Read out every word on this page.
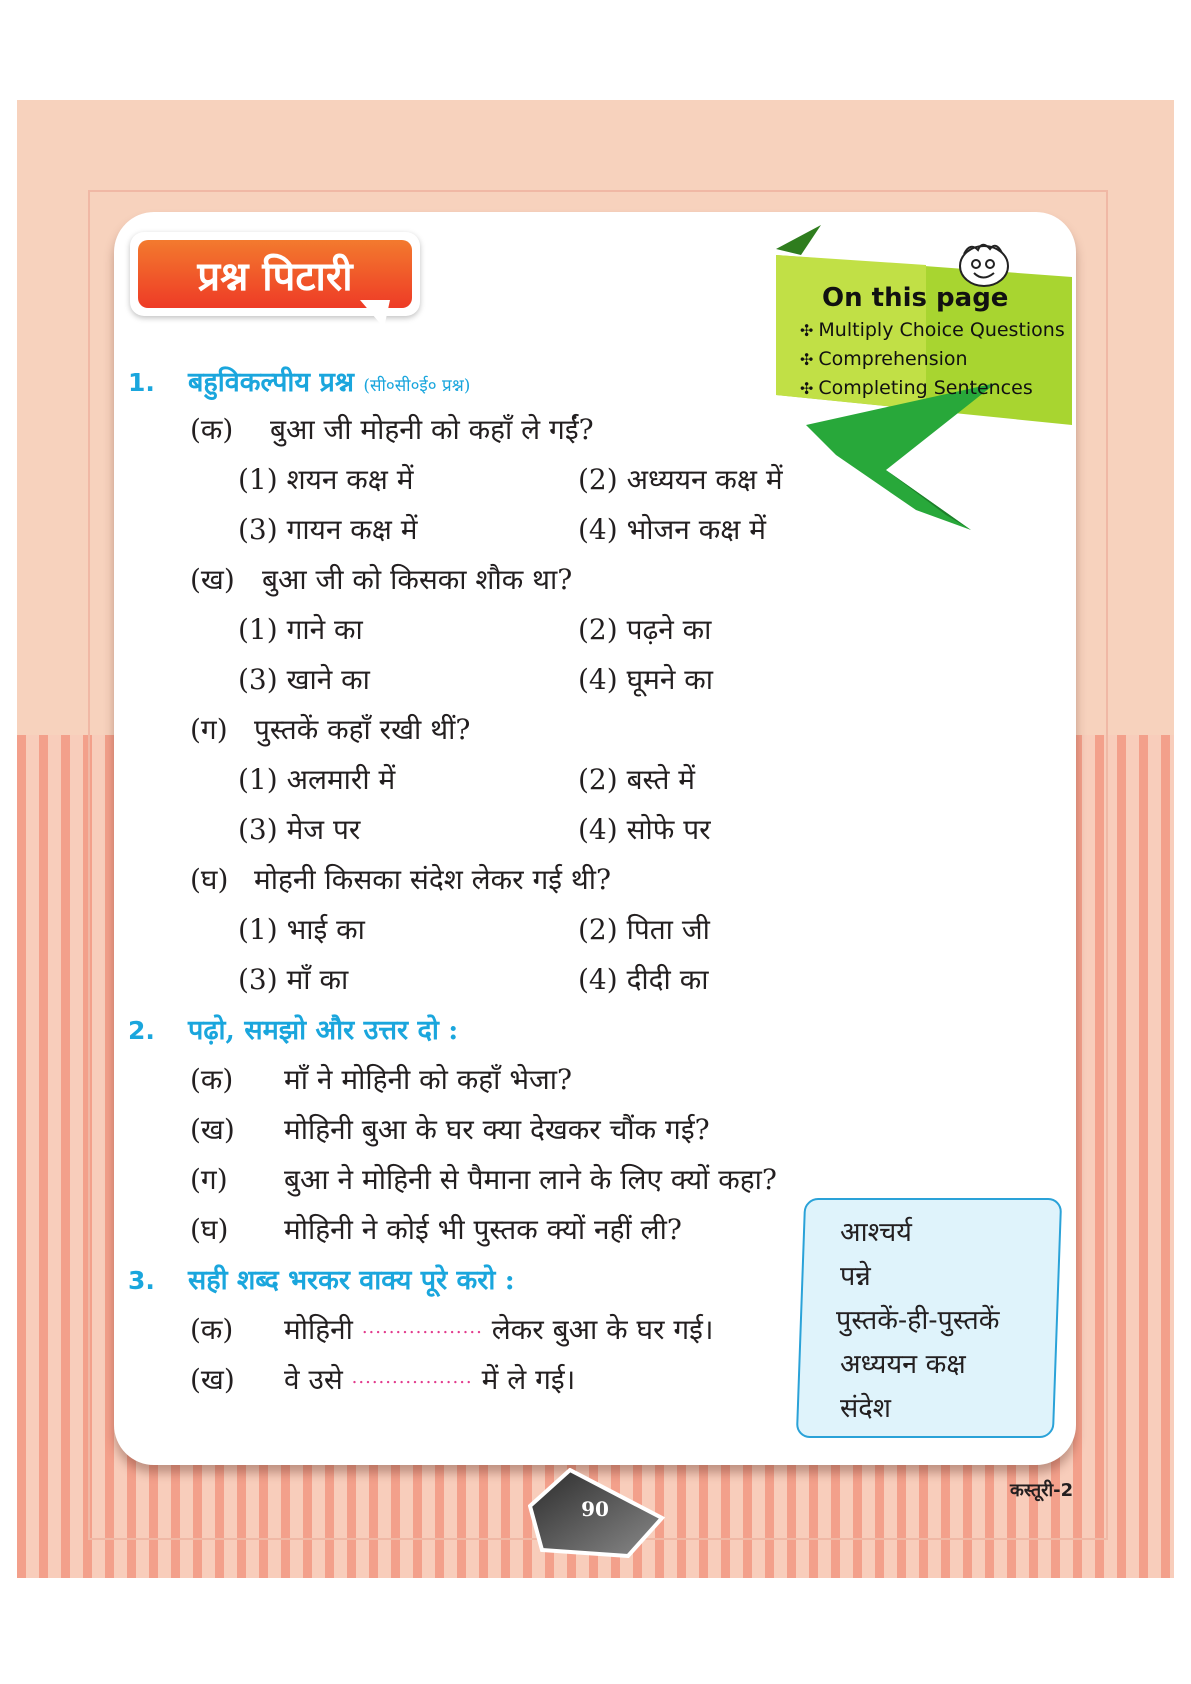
प्रश्न पिटारी	On this page
✣ Multiply Choice Questions
✣ Comprehension
✣ Completing Sentences
1. बहुविकल्पीय प्रश्न (सी०सी०ई० प्रश्न)
(क) बुआ जी मोहनी को कहाँ ले गईं?
(1) शयन कक्ष में	(2) अध्ययन कक्ष में
(3) गायन कक्ष में	(4) भोजन कक्ष में
(ख) बुआ जी को किसका शौक था?
(1) गाने का	(2) पढ़ने का
(3) खाने का	(4) घूमने का
(ग) पुस्तकें कहाँ रखी थीं?
(1) अलमारी में	(2) बस्ते में
(3) मेज पर	(4) सोफे पर
(घ) मोहनी किसका संदेश लेकर गई थी?
(1) भाई का	(2) पिता जी
(3) माँ का	(4) दीदी का
2. पढ़ो, समझो और उत्तर दो :
(क) माँ ने मोहिनी को कहाँ भेजा?
(ख) मोहिनी बुआ के घर क्या देखकर चौंक गई?
(ग) बुआ ने मोहिनी से पैमाना लाने के लिए क्यों कहा?
(घ) मोहिनी ने कोई भी पुस्तक क्यों नहीं ली?
3. सही शब्द भरकर वाक्य पूरे करो :
(क) मोहिनी .................. लेकर बुआ के घर गई।
(ख) वे उसे .................. में ले गई।
आश्चर्य
पन्ने
पुस्तकें-ही-पुस्तकें
अध्ययन कक्ष
संदेश
90
कस्तूरी-2
